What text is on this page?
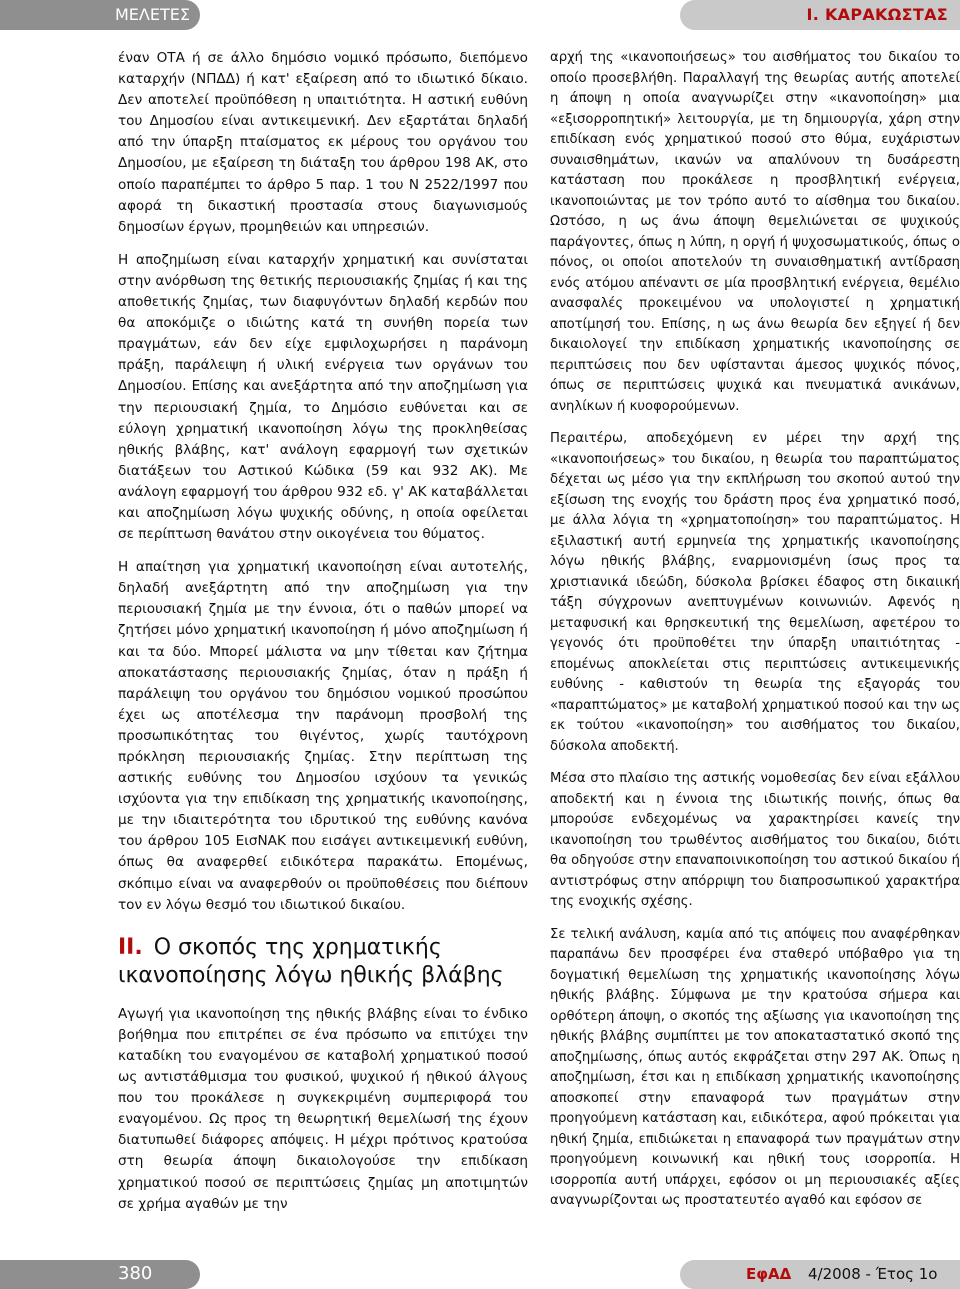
ΜΕΛΕΤΕΣ	Ι. ΚΑΡΑΚΩΣΤΑΣ

έναν ΟΤΑ ή σε άλλο δημόσιο νομικό πρόσωπο, διεπόμενο καταρχήν (ΝΠΔΔ) ή κατ' εξαίρεση από το ιδιωτικό δίκαιο. Δεν αποτελεί προϋπόθεση η υπαιτιότητα. Η αστική ευθύνη του Δημοσίου είναι αντικειμενική. Δεν εξαρτάται δηλαδή από την ύπαρξη πταίσματος εκ μέρους του οργάνου του Δημοσίου, με εξαίρεση τη διάταξη του άρθρου 198 ΑΚ, στο οποίο παραπέμπει το άρθρο 5 παρ. 1 του Ν 2522/1997 που αφορά τη δικαστική προστασία στους διαγωνισμούς δημοσίων έργων, προμηθειών και υπηρεσιών.

Η αποζημίωση είναι καταρχήν χρηματική και συνίσταται στην ανόρθωση της θετικής περιουσιακής ζημίας ή και της αποθετικής ζημίας, των διαφυγόντων δηλαδή κερδών που θα αποκόμιζε ο ιδιώτης κατά τη συνήθη πορεία των πραγμάτων, εάν δεν είχε εμφιλοχωρήσει η παράνομη πράξη, παράλειψη ή υλική ενέργεια των οργάνων του Δημοσίου. Επίσης και ανεξάρτητα από την αποζημίωση για την περιουσιακή ζημία, το Δημόσιο ευθύνεται και σε εύλογη χρηματική ικανοποίηση λόγω της προκληθείσας ηθικής βλάβης, κατ' ανάλογη εφαρμογή των σχετικών διατάξεων του Αστικού Κώδικα (59 και 932 ΑΚ). Με ανάλογη εφαρμογή του άρθρου 932 εδ. γ' ΑΚ καταβάλλεται και αποζημίωση λόγω ψυχικής οδύνης, η οποία οφείλεται σε περίπτωση θανάτου στην οικογένεια του θύματος.

Η απαίτηση για χρηματική ικανοποίηση είναι αυτοτελής, δηλαδή ανεξάρτητη από την αποζημίωση για την περιουσιακή ζημία με την έννοια, ότι ο παθών μπορεί να ζητήσει μόνο χρηματική ικανοποίηση ή μόνο αποζημίωση ή και τα δύο. Μπορεί μάλιστα να μην τίθεται καν ζήτημα αποκατάστασης περιουσιακής ζημίας, όταν η πράξη ή παράλειψη του οργάνου του δημόσιου νομικού προσώπου έχει ως αποτέλεσμα την παράνομη προσβολή της προσωπικότητας του θιγέντος, χωρίς ταυτόχρονη πρόκληση περιουσιακής ζημίας. Στην περίπτωση της αστικής ευθύνης του Δημοσίου ισχύουν τα γενικώς ισχύοντα για την επιδίκαση της χρηματικής ικανοποίησης, με την ιδιαιτερότητα του ιδρυτικού της ευθύνης κανόνα του άρθρου 105 ΕισΝΑΚ που εισάγει αντικειμενική ευθύνη, όπως θα αναφερθεί ειδικότερα παρακάτω. Επομένως, σκόπιμο είναι να αναφερθούν οι προϋποθέσεις που διέπουν τον εν λόγω θεσμό του ιδιωτικού δικαίου.

ΙΙ. Ο σκοπός της χρηματικής ικανοποίησης λόγω ηθικής βλάβης

Αγωγή για ικανοποίηση της ηθικής βλάβης είναι το ένδικο βοήθημα που επιτρέπει σε ένα πρόσωπο να επιτύχει την καταδίκη του εναγομένου σε καταβολή χρηματικού ποσού ως αντιστάθμισμα του φυσικού, ψυχικού ή ηθικού άλγους που του προκάλεσε η συγκεκριμένη συμπεριφορά του εναγομένου. Ως προς τη θεωρητική θεμελίωσή της έχουν διατυπωθεί διάφορες απόψεις. Η μέχρι πρότινος κρατούσα στη θεωρία άποψη δικαιολογούσε την επιδίκαση χρηματικού ποσού σε περιπτώσεις ζημίας μη αποτιμητών σε χρήμα αγαθών με την

αρχή της «ικανοποιήσεως» του αισθήματος του δικαίου το οποίο προσεβλήθη. Παραλλαγή της θεωρίας αυτής αποτελεί η άποψη η οποία αναγνωρίζει στην «ικανοποίηση» μια «εξισορροπητική» λειτουργία, με τη δημιουργία, χάρη στην επιδίκαση ενός χρηματικού ποσού στο θύμα, ευχάριστων συναισθημάτων, ικανών να απαλύνουν τη δυσάρεστη κατάσταση που προκάλεσε η προσβλητική ενέργεια, ικανοποιώντας με τον τρόπο αυτό το αίσθημα του δικαίου. Ωστόσο, η ως άνω άποψη θεμελιώνεται σε ψυχικούς παράγοντες, όπως η λύπη, η οργή ή ψυχοσωματικούς, όπως ο πόνος, οι οποίοι αποτελούν τη συναισθηματική αντίδραση ενός ατόμου απέναντι σε μία προσβλητική ενέργεια, θεμέλιο ανασφαλές προκειμένου να υπολογιστεί η χρηματική αποτίμησή του. Επίσης, η ως άνω θεωρία δεν εξηγεί ή δεν δικαιολογεί την επιδίκαση χρηματικής ικανοποίησης σε περιπτώσεις που δεν υφίστανται άμεσος ψυχικός πόνος, όπως σε περιπτώσεις ψυχικά και πνευματικά ανικάνων, ανηλίκων ή κυοφορούμενων.

Περαιτέρω, αποδεχόμενη εν μέρει την αρχή της «ικανοποιήσεως» του δικαίου, η θεωρία του παραπτώματος δέχεται ως μέσο για την εκπλήρωση του σκοπού αυτού την εξίσωση της ενοχής του δράστη προς ένα χρηματικό ποσό, με άλλα λόγια τη «χρηματοποίηση» του παραπτώματος. Η εξιλαστική αυτή ερμηνεία της χρηματικής ικανοποίησης λόγω ηθικής βλάβης, εναρμονισμένη ίσως προς τα χριστιανικά ιδεώδη, δύσκολα βρίσκει έδαφος στη δικαιική τάξη σύγχρονων ανεπτυγμένων κοινωνιών. Αφενός η μεταφυσική και θρησκευτική της θεμελίωση, αφετέρου το γεγονός ότι προϋποθέτει την ύπαρξη υπαιτιότητας - επομένως αποκλείεται στις περιπτώσεις αντικειμενικής ευθύνης - καθιστούν τη θεωρία της εξαγοράς του «παραπτώματος» με καταβολή χρηματικού ποσού και την ως εκ τούτου «ικανοποίηση» του αισθήματος του δικαίου, δύσκολα αποδεκτή.

Μέσα στο πλαίσιο της αστικής νομοθεσίας δεν είναι εξάλλου αποδεκτή και η έννοια της ιδιωτικής ποινής, όπως θα μπορούσε ενδεχομένως να χαρακτηρίσει κανείς την ικανοποίηση του τρωθέντος αισθήματος του δικαίου, διότι θα οδηγούσε στην επαναποινικοποίηση του αστικού δικαίου ή αντιστρόφως στην απόρριψη του διαπροσωπικού χαρακτήρα της ενοχικής σχέσης.

Σε τελική ανάλυση, καμία από τις απόψεις που αναφέρθηκαν παραπάνω δεν προσφέρει ένα σταθερό υπόβαθρο για τη δογματική θεμελίωση της χρηματικής ικανοποίησης λόγω ηθικής βλάβης. Σύμφωνα με την κρατούσα σήμερα και ορθότερη άποψη, ο σκοπός της αξίωσης για ικανοποίηση της ηθικής βλάβης συμπίπτει με τον αποκαταστατικό σκοπό της αποζημίωσης, όπως αυτός εκφράζεται στην 297 ΑΚ. Όπως η αποζημίωση, έτσι και η επιδίκαση χρηματικής ικανοποίησης αποσκοπεί στην επαναφορά των πραγμάτων στην προηγούμενη κατάσταση και, ειδικότερα, αφού πρόκειται για ηθική ζημία, επιδιώκεται η επαναφορά των πραγμάτων στην προηγούμενη κοινωνική και ηθική τους ισορροπία. Η ισορροπία αυτή υπάρχει, εφόσον οι μη περιουσιακές αξίες αναγνωρίζονται ως προστατευτέο αγαθό και εφόσον σε

380	ΕφΑΔ 4/2008 - Έτος 1ο
